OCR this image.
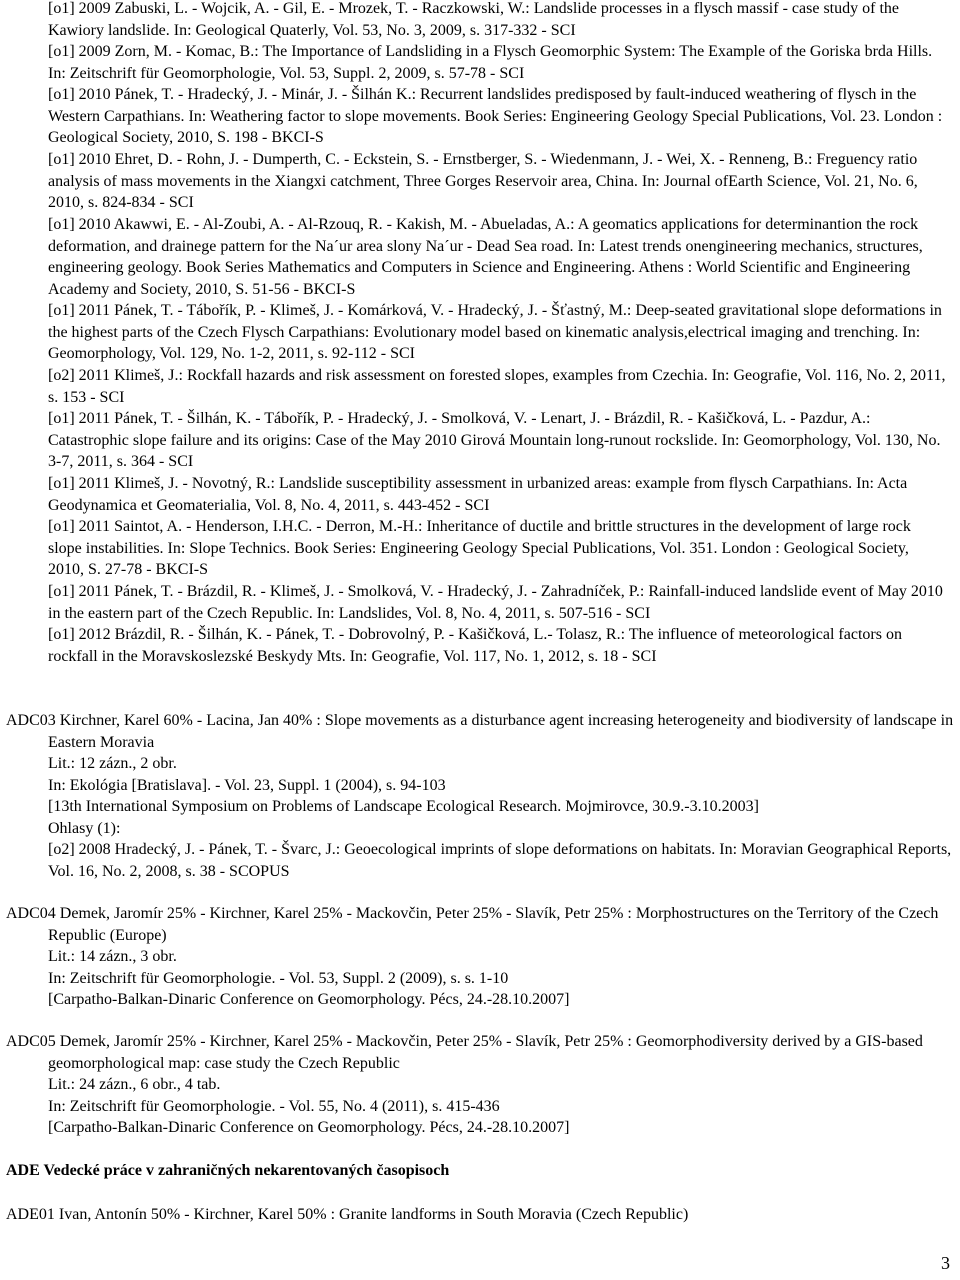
[o1] 2009 Zabuski, L. - Wojcik, A. - Gil, E. - Mrozek, T. - Raczkowski, W.: Landslide processes in a flysch massif - case study of the Kawiory landslide. In: Geological Quaterly, Vol. 53, No. 3, 2009, s. 317-332 - SCI

[o1] 2009 Zorn, M. - Komac, B.: The Importance of Landsliding in a Flysch Geomorphic System: The Example of the Goriska brda Hills. In: Zeitschrift für Geomorphologie, Vol. 53, Suppl. 2, 2009, s. 57-78 - SCI

[o1] 2010 Pánek, T. - Hradecký, J. - Minár, J. - Šilhán K.: Recurrent landslides predisposed by fault-induced weathering of flysch in the Western Carpathians. In: Weathering factor to slope movements. Book Series: Engineering Geology Special Publications, Vol. 23. London : Geological Society, 2010, S. 198 - BKCI-S

[o1] 2010 Ehret, D. - Rohn, J. - Dumperth, C. - Eckstein, S. - Ernstberger, S. - Wiedenmann, J. - Wei, X. - Renneng, B.: Freguency ratio analysis of mass movements in the Xiangxi catchment, Three Gorges Reservoir area, China. In: Journal ofEarth Science, Vol. 21, No. 6, 2010, s. 824-834 - SCI

[o1] 2010 Akawwi, E. - Al-Zoubi, A. - Al-Rzouq, R. - Kakish, M. - Abueladas, A.: A geomatics applications for determinantion the rock deformation, and drainege pattern for the Na´ur area slony Na´ur - Dead Sea road. In: Latest trends onengineering mechanics, structures, engineering geology. Book Series Mathematics and Computers in Science and Engineering. Athens : World Scientific and Engineering Academy and Society, 2010, S. 51-56 - BKCI-S

[o1] 2011 Pánek, T. - Tábořík, P. - Klimeš, J. - Komárková, V. - Hradecký, J. - Šťastný, M.: Deep-seated gravitational slope deformations in the highest parts of the Czech Flysch Carpathians: Evolutionary model based on kinematic analysis,electrical imaging and trenching. In: Geomorphology, Vol. 129, No. 1-2, 2011, s. 92-112 - SCI

[o2] 2011 Klimeš, J.: Rockfall hazards and risk assessment on forested slopes, examples from Czechia. In: Geografie, Vol. 116, No. 2, 2011, s. 153 - SCI

[o1] 2011 Pánek, T. - Šilhán, K. - Tábořík, P. - Hradecký, J. - Smolková, V. - Lenart, J. - Brázdil, R. - Kašičková, L. - Pazdur, A.: Catastrophic slope failure and its origins: Case of the May 2010 Girová Mountain long-runout rockslide. In: Geomorphology, Vol. 130, No. 3-7, 2011, s. 364 - SCI

[o1] 2011 Klimeš, J. - Novotný, R.: Landslide susceptibility assessment in urbanized areas: example from flysch Carpathians. In: Acta Geodynamica et Geomaterialia, Vol. 8, No. 4, 2011, s. 443-452 - SCI

[o1] 2011 Saintot, A. - Henderson, I.H.C. - Derron, M.-H.: Inheritance of ductile and brittle structures in the development of large rock slope instabilities. In: Slope Technics. Book Series: Engineering Geology Special Publications, Vol. 351. London : Geological Society, 2010, S. 27-78 - BKCI-S

[o1] 2011 Pánek, T. - Brázdil, R. - Klimeš, J. - Smolková, V. - Hradecký, J. - Zahradníček, P.: Rainfall-induced landslide event of May 2010 in the eastern part of the Czech Republic. In: Landslides, Vol. 8, No. 4, 2011, s. 507-516 - SCI

[o1] 2012 Brázdil, R. - Šilhán, K. - Pánek, T. - Dobrovolný, P. - Kašičková, L.- Tolasz, R.: The influence of meteorological factors on rockfall in the Moravskoslezské Beskydy Mts. In: Geografie, Vol. 117, No. 1, 2012, s. 18 - SCI

ADC03 Kirchner, Karel 60% - Lacina, Jan 40% : Slope movements as a disturbance agent increasing heterogeneity and biodiversity of landscape in Eastern Moravia

Lit.: 12 zázn., 2 obr.

In: Ekológia [Bratislava]. - Vol. 23, Suppl. 1 (2004), s. 94-103

[13th International Symposium on Problems of Landscape Ecological Research. Mojmirovce, 30.9.-3.10.2003]

Ohlasy (1):

[o2] 2008 Hradecký, J. - Pánek, T. - Švarc, J.: Geoecological imprints of slope deformations on habitats. In: Moravian Geographical Reports, Vol. 16, No. 2, 2008, s. 38 - SCOPUS

ADC04 Demek, Jaromír 25% - Kirchner, Karel 25% - Mackovčin, Peter 25% - Slavík, Petr 25% : Morphostructures on the Territory of the Czech Republic (Europe)

Lit.: 14 zázn., 3 obr.

In: Zeitschrift für Geomorphologie. - Vol. 53, Suppl. 2 (2009), s. s. 1-10

[Carpatho-Balkan-Dinaric Conference on Geomorphology. Pécs, 24.-28.10.2007]

ADC05 Demek, Jaromír 25% - Kirchner, Karel 25% - Mackovčin, Peter 25% - Slavík, Petr 25% : Geomorphodiversity derived by a GIS-based geomorphological map: case study the Czech Republic

Lit.: 24 zázn., 6 obr., 4 tab.

In: Zeitschrift für Geomorphologie. - Vol. 55, No. 4 (2011), s. 415-436

[Carpatho-Balkan-Dinaric Conference on Geomorphology. Pécs, 24.-28.10.2007]

ADE Vedecké práce v zahraničných nekarentovaných časopisoch

ADE01 Ivan, Antonín 50% - Kirchner, Karel 50% : Granite landforms in South Moravia (Czech Republic)

3
